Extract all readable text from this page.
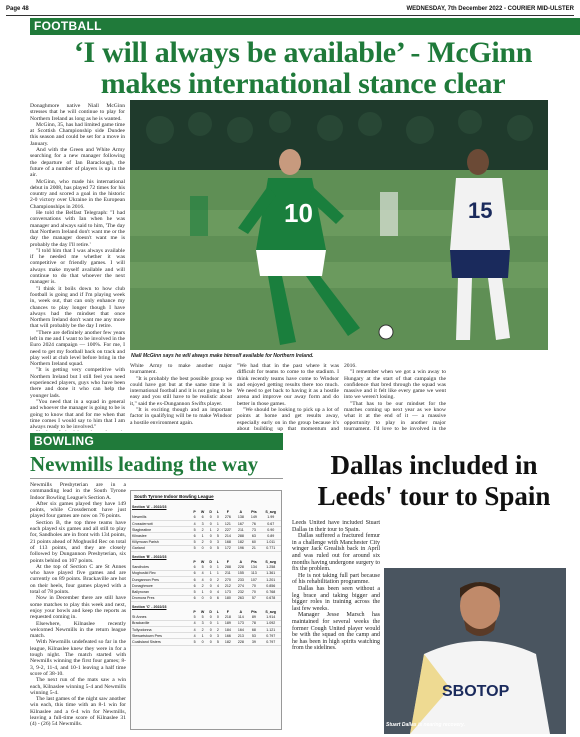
Page 48	WEDNESDAY, 7th December 2022 - COURIER MID-ULSTER
FOOTBALL
‘I will always be available’ - McGinn
makes international stance clear

Donaghmore native Niall McGinn stresses that he will continue to play for Northern Ireland as long as he is wanted.

McGinn, 35, has had limited game time at Scottish Championship side Dundee this season and could be set for a move in January.

And with the Green and White Army searching for a new manager following the departure of Ian Baraclough, the future of a number of players is up in the air.

McGinn, who made his international debut in 2008, has played 72 times for his country and scored a goal in the historic 2-0 victory over Ukraine in the European Championships in 2016.

He told the Belfast Telegraph: "I had conversations with Ian when he was manager and always said to him, 'The day that Northern Ireland don't want me or the day the manager doesn't want me is probably the day I'll retire.'

"I told him that I was always available if he needed me whether it was competitive or friendly games. I will always make myself available and will continue to do that whoever the next manager is.

"I think it boils down to how club football is going and if I'm playing week in, week out, that can only enhance my chances to play longer though I have always had the mindset that once Northern Ireland don't want me any more that will probably be the day I retire.

"There are definitely another few years left in me and I want to be involved in the Euro 2024 campaign — 100%. For me, I need to get my football back on track and play well at club level before bring in the Northern Ireland squad.

"It is getting very competitive with Northern Ireland but I still feel you need experienced players, guys who have been there and done it who can help the younger lads.

"You need that in a squad in general and whoever the manager is going to be is going to know that and for me when that time comes I would say to him that I am always ready to be involved."

10	15
Niall McGinn says he will always make himself available for Northern Ireland.

White Army to make another major tournament.

"It is probably the best possible group we could have got but at the same time it is international football and it is not going to be easy and you still have to be realistic about it," said the ex-Dungannon Swifts player.

"It is exciting though and an important factor in qualifying will be to make Windsor a hostile environment again.

"We had that in the past where it was difficult for teams to come to the stadium. I think recently teams have come to Windsor and enjoyed getting results there too much. We need to get back to having it as a hostile arena and improve our away form and do better in those games.

"We should be looking to pick up a lot of points at home and get results away, especially early on in the group because it's about building up that momentum and

2016.

"I remember when we got a win away to Hungary at the start of that campaign the confidence that bred through the squad was massive and it felt like every game we went into we weren't losing.

"That has to be our mindset for the matches coming up next year as we know what it at the end of it — a massive opportunity to play in another major tournament. I'd love to be involved in the

BOWLING
Newmills leading the way

Newmills Presbyterian are in a commanding lead in the South Tyrone Indoor Bowling League's Section A.

After six games played they have 149 points, while Crossdernott have just played four games are now on 76 points.

Section B, the top three teams have each played six games and all still to play for, Sandholes are in front with 134 points, 21 points ahead of Moghuslid Rec on total of 113 points, and they are closely followed by Dungannon Presbyterian, six points behind on 107 points.

At the top of Section C are St Annes who have played five games and are currently on 89 points. Brackaville are hot on their heels, four games played with a total of 78 points.

Now in December there are still have some matches to play this week and next, enjoy your bowls and keep the reports as requested coming in.

Elsewhere, Kilnaslee recently welcomed Newmills in the return league match.

With Newmills undefeated so far in the league, Kilnaslee knew they were in for a tough night. The match started with Newmills winning the first four games; 8-3, 9-2, 11-4, and 10-1 leaving a half time score of 38-10.

The next run of the mats saw a win each, Kilnaslee winning 5-4 and Newmills winning 5-4.

The last games of the night saw another win each, this time with an 8-1 win for Kilnaslee and a 6-4 win for Newmills, leaving a full-time score of Kilnaslee 31 (4) - (26) 54 Newmills.

South Tyrone Indoor Bowling League
Section 'A' - 2022/23								
	P	W	D	L	F	A	Pts	S_avg
Newmills	6	6	0	0	276	138	149	1.99
Crossdernott	4	3	0	1	121	167	76	0.67
Stagbeatine	5	2	1	2	227	211	73	0.90
Kilnaslee	6	1	0	5	214	288	63	0.89
Killymoan Parish	5	2	0	3	168	182	60	1.011
Garland	5	0	0	5	172	196	21	0.771
Section 'B' - 2022/23								
	P	W	D	L	F	A	Pts	S_avg
Sandholes	6	5	0	1	288	228	134	1.258
Moghuslid Rec	6	4	1	1	211	155	113	1.361
Dungannon Pres	6	4	0	2	270	233	107	1.201
Donaghmore	6	2	0	4	212	274	70	0.856
Ballynoran	5	1	0	4	173	232	70	0.768
Dromora Pres	6	0	0	6	180	263	57	0.678
Section 'C' - 2022/23								
	P	W	D	L	F	A	Pts	S_avg
St Annes	5	5	0	0	218	114	89	1.914
Brackaville	4	3	0	1	189	173	78	1.092
Tullyodonna	4	2	0	2	184	164	68	1.121
Stewartstown Pres	4	1	0	3	166	213	53	0.797
Coalisland Sisters	5	0	0	5	182	228	39	0.797
Dallas included in Leeds' tour to Spain

Leeds United have included Stuart Dallas in their tour to Spain.

Dallas suffered a fractured femur in a challenge with Manchester City winger Jack Grealish back in April and was ruled out for around six months having undergone surgery to fix the problem.

He is not taking full part because of his rehabilitation programme.

Dallas has been seen without a leg brace and taking bigger and bigger roles in training across the last few weeks.

Manager Jesse Marsch has maintained for several weeks the former Cough United player would be with the squad on the camp and he has been in high spirits watching from the sidelines.

SBOTOP
Stuart Dallas is nearing recovery.
